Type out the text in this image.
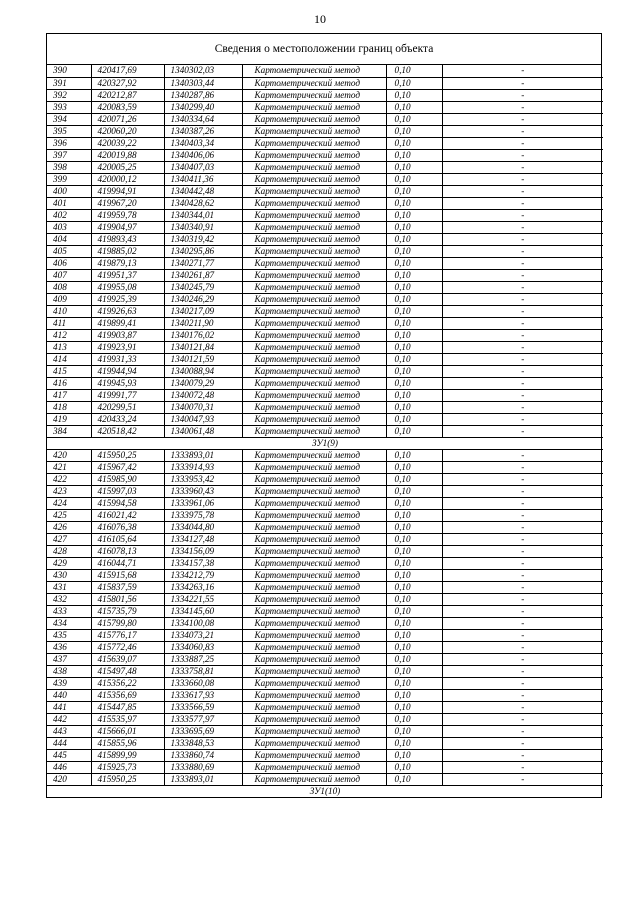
10
Сведения о местоположении границ объекта
390	420417,69	1340302,03	Картометрический метод	0,10	-
391	420327,92	1340303,44	Картометрический метод	0,10	-
392	420212,87	1340287,86	Картометрический метод	0,10	-
393	420083,59	1340299,40	Картометрический метод	0,10	-
394	420071,26	1340334,64	Картометрический метод	0,10	-
395	420060,20	1340387,26	Картометрический метод	0,10	-
396	420039,22	1340403,34	Картометрический метод	0,10	-
397	420019,88	1340406,06	Картометрический метод	0,10	-
398	420005,25	1340407,03	Картометрический метод	0,10	-
399	420000,12	1340411,36	Картометрический метод	0,10	-
400	419994,91	1340442,48	Картометрический метод	0,10	-
401	419967,20	1340428,62	Картометрический метод	0,10	-
402	419959,78	1340344,01	Картометрический метод	0,10	-
403	419904,97	1340340,91	Картометрический метод	0,10	-
404	419893,43	1340319,42	Картометрический метод	0,10	-
405	419885,02	1340295,86	Картометрический метод	0,10	-
406	419879,13	1340271,77	Картометрический метод	0,10	-
407	419951,37	1340261,87	Картометрический метод	0,10	-
408	419955,08	1340245,79	Картометрический метод	0,10	-
409	419925,39	1340246,29	Картометрический метод	0,10	-
410	419926,63	1340217,09	Картометрический метод	0,10	-
411	419899,41	1340211,90	Картометрический метод	0,10	-
412	419903,87	1340176,02	Картометрический метод	0,10	-
413	419923,91	1340121,84	Картометрический метод	0,10	-
414	419931,33	1340121,59	Картометрический метод	0,10	-
415	419944,94	1340088,94	Картометрический метод	0,10	-
416	419945,93	1340079,29	Картометрический метод	0,10	-
417	419991,77	1340072,48	Картометрический метод	0,10	-
418	420299,51	1340070,31	Картометрический метод	0,10	-
419	420433,24	1340047,93	Картометрический метод	0,10	-
384	420518,42	1340061,48	Картометрический метод	0,10	-
ЗУ1(9)					
420	415950,25	1333893,01	Картометрический метод	0,10	-
421	415967,42	1333914,93	Картометрический метод	0,10	-
422	415985,90	1333953,42	Картометрический метод	0,10	-
423	415997,03	1333960,43	Картометрический метод	0,10	-
424	415994,58	1333961,06	Картометрический метод	0,10	-
425	416021,42	1333975,78	Картометрический метод	0,10	-
426	416076,38	1334044,80	Картометрический метод	0,10	-
427	416105,64	1334127,48	Картометрический метод	0,10	-
428	416078,13	1334156,09	Картометрический метод	0,10	-
429	416044,71	1334157,38	Картометрический метод	0,10	-
430	415915,68	1334212,79	Картометрический метод	0,10	-
431	415837,59	1334263,16	Картометрический метод	0,10	-
432	415801,56	1334221,55	Картометрический метод	0,10	-
433	415735,79	1334145,60	Картометрический метод	0,10	-
434	415799,80	1334100,08	Картометрический метод	0,10	-
435	415776,17	1334073,21	Картометрический метод	0,10	-
436	415772,46	1334060,83	Картометрический метод	0,10	-
437	415639,07	1333887,25	Картометрический метод	0,10	-
438	415497,48	1333758,81	Картометрический метод	0,10	-
439	415356,22	1333660,08	Картометрический метод	0,10	-
440	415356,69	1333617,93	Картометрический метод	0,10	-
441	415447,85	1333566,59	Картометрический метод	0,10	-
442	415535,97	1333577,97	Картометрический метод	0,10	-
443	415666,01	1333695,69	Картометрический метод	0,10	-
444	415855,96	1333848,53	Картометрический метод	0,10	-
445	415899,99	1333860,74	Картометрический метод	0,10	-
446	415925,73	1333880,69	Картометрический метод	0,10	-
420	415950,25	1333893,01	Картометрический метод	0,10	-
ЗУ1(10)					
